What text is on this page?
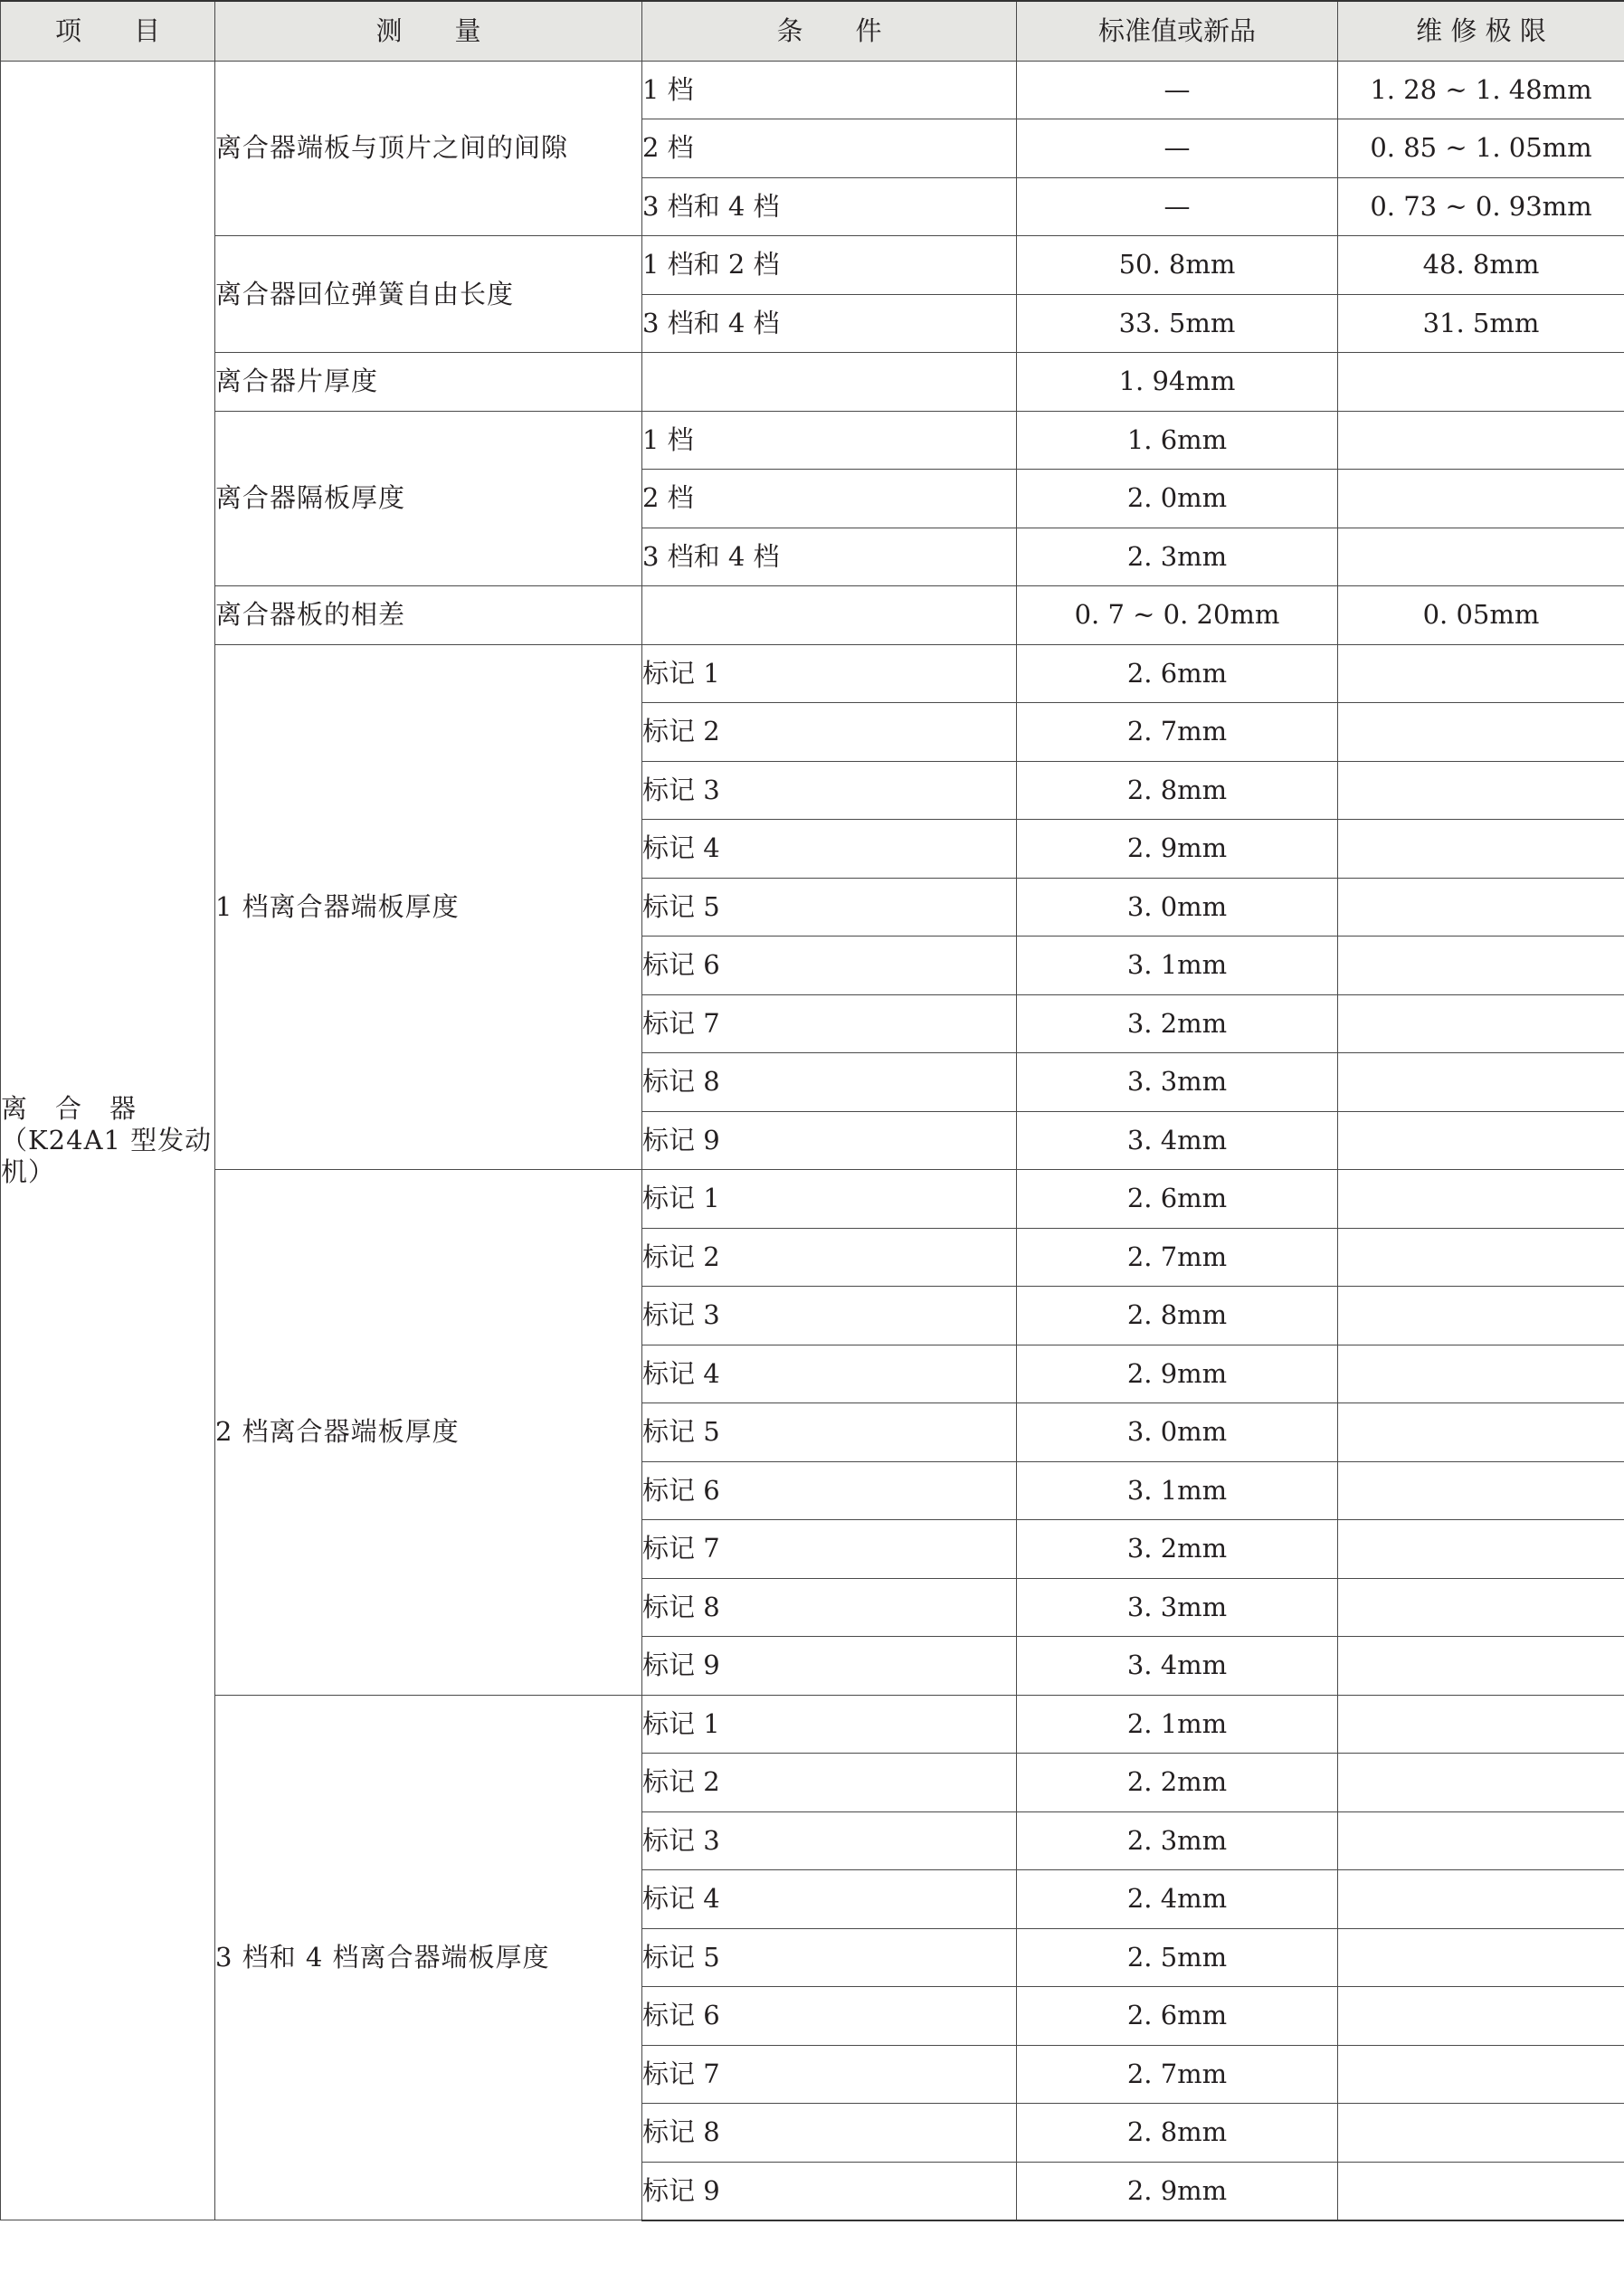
项　　目	测　　量	条　　件	标准值或新品	维 修 极 限
离　合　器（K24A1 型发动机）	离合器端板与顶片之间的间隙	1 档	—	1. 28 ~ 1. 48mm
		2 档	—	0. 85 ~ 1. 05mm
		3 档和 4 档	—	0. 73 ~ 0. 93mm
	离合器回位弹簧自由长度	1 档和 2 档	50. 8mm	48. 8mm
		3 档和 4 档	33. 5mm	31. 5mm
	离合器片厚度		1. 94mm	
	离合器隔板厚度	1 档	1. 6mm	
		2 档	2. 0mm	
		3 档和 4 档	2. 3mm	
	离合器板的相差		0. 7 ~ 0. 20mm	0. 05mm
	1 档离合器端板厚度	标记 1	2. 6mm	
		标记 2	2. 7mm	
		标记 3	2. 8mm	
		标记 4	2. 9mm	
		标记 5	3. 0mm	
		标记 6	3. 1mm	
		标记 7	3. 2mm	
		标记 8	3. 3mm	
		标记 9	3. 4mm	
	2 档离合器端板厚度	标记 1	2. 6mm	
		标记 2	2. 7mm	
		标记 3	2. 8mm	
		标记 4	2. 9mm	
		标记 5	3. 0mm	
		标记 6	3. 1mm	
		标记 7	3. 2mm	
		标记 8	3. 3mm	
		标记 9	3. 4mm	
	3 档和 4 档离合器端板厚度	标记 1	2. 1mm	
		标记 2	2. 2mm	
		标记 3	2. 3mm	
		标记 4	2. 4mm	
		标记 5	2. 5mm	
		标记 6	2. 6mm	
		标记 7	2. 7mm	
		标记 8	2. 8mm	
		标记 9	2. 9mm	
